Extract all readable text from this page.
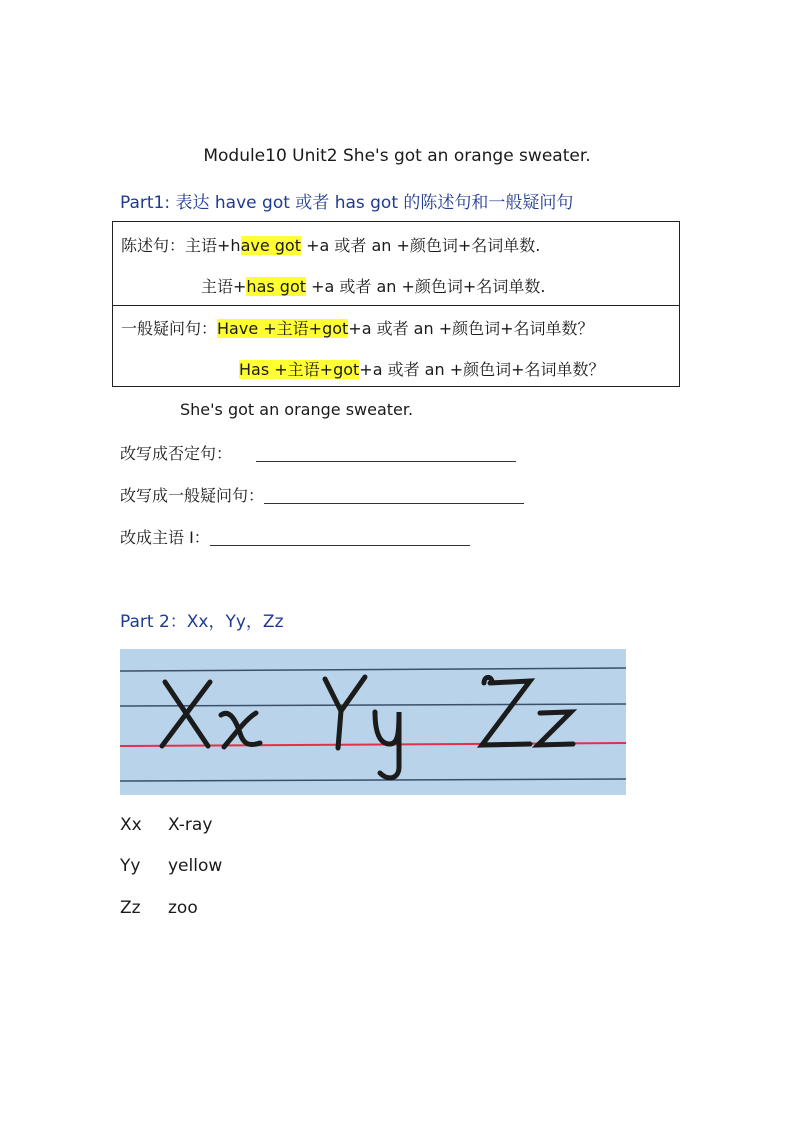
Module10 Unit2 She's got an orange sweater.
Part1: 表达 have got 或者 has got 的陈述句和一般疑问句
陈述句：主语+have got +a 或者 an +颜色词+名词单数.
主语+has got +a 或者 an +颜色词+名词单数.
一般疑问句：Have +主语+got+a 或者 an +颜色词+名词单数？
Has +主语+got+a 或者 an +颜色词+名词单数？
She's got an orange sweater.
改写成否定句：
改写成一般疑问句：
改成主语 I：
Part 2：Xx，Yy，Zz
Xx X-ray
Yy yellow
Zz zoo
